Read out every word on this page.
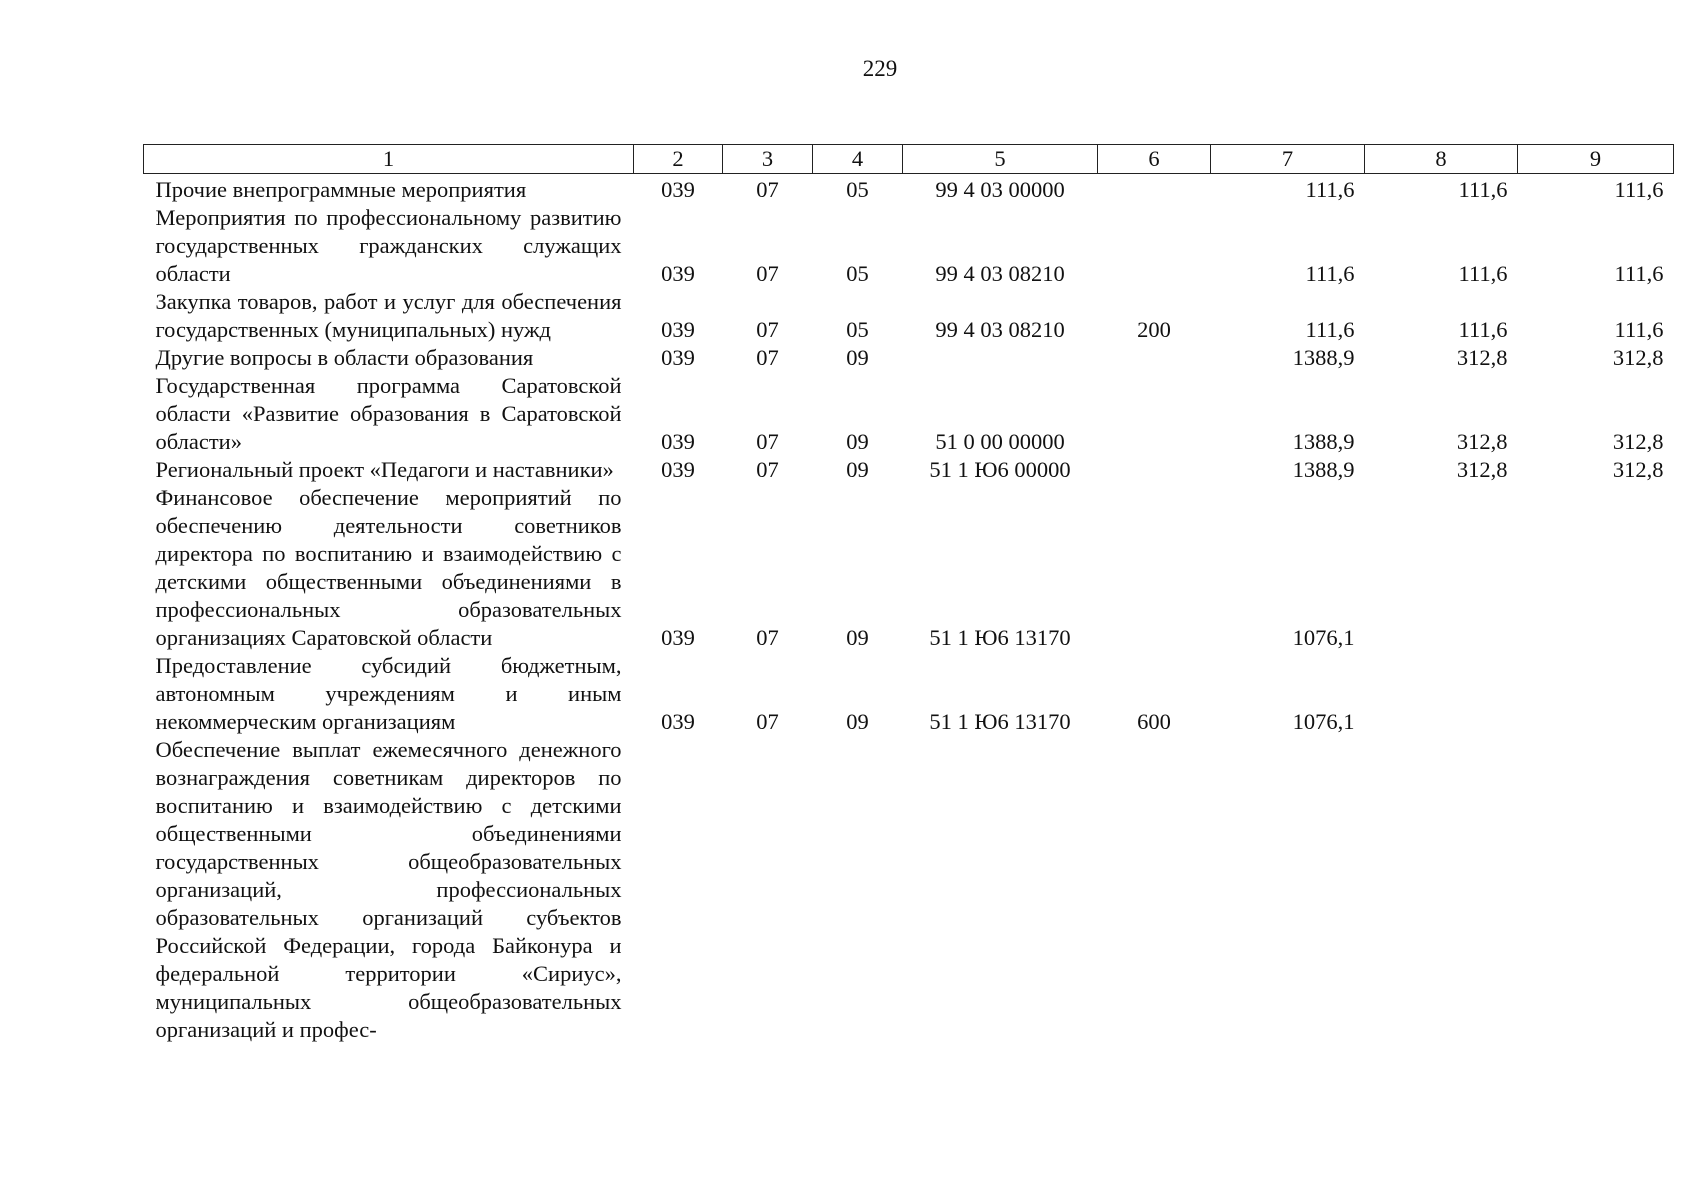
229
1	2	3	4	5	6	7	8	9
Прочие внепрограммные мероприятия	039	07	05	99 4 03 00000		111,6	111,6	111,6
Мероприятия по профессиональному развитию государственных гражданских служащих области	039	07	05	99 4 03 08210		111,6	111,6	111,6
Закупка товаров, работ и услуг для обеспечения государственных (муниципальных) нужд	039	07	05	99 4 03 08210	200	111,6	111,6	111,6
Другие вопросы в области образования	039	07	09			1388,9	312,8	312,8
Государственная программа Саратовской области «Развитие образования в Саратовской области»	039	07	09	51 0 00 00000		1388,9	312,8	312,8
Региональный проект «Педагоги и наставники»	039	07	09	51 1 Ю6 00000		1388,9	312,8	312,8
Финансовое обеспечение мероприятий по обеспечению деятельности советников директора по воспитанию и взаимодействию с детскими общественными объединениями в профессиональных образовательных организациях Саратовской области	039	07	09	51 1 Ю6 13170		1076,1		
Предоставление субсидий бюджетным, автономным учреждениям и иным некоммерческим организациям	039	07	09	51 1 Ю6 13170	600	1076,1		
Обеспечение выплат ежемесячного денежного вознаграждения советникам директоров по воспитанию и взаимодействию с детскими общественными объединениями государственных общеобразовательных организаций, профессиональных образовательных организаций субъектов Российской Федерации, города Байконура и федеральной территории «Сириус», муниципальных общеобразовательных организаций и профес-								
